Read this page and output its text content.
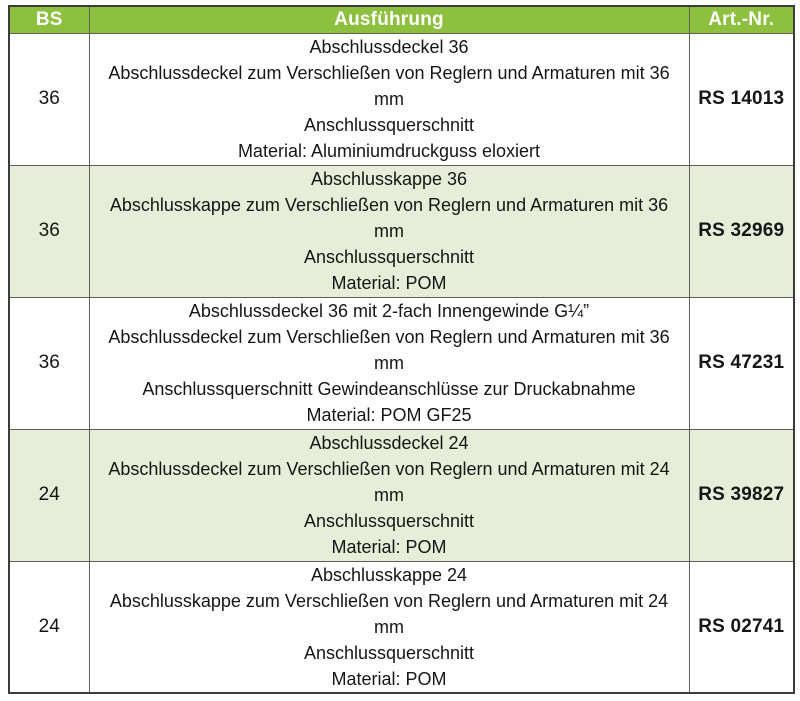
BS	Ausführung	Art.-Nr.
36	Abschlussdeckel 36
Abschlussdeckel zum Verschließen von Reglern und Armaturen mit 36
mm
Anschlussquerschnitt
Material: Aluminiumdruckguss eloxiert	RS 14013
36	Abschlusskappe 36
Abschlusskappe zum Verschließen von Reglern und Armaturen mit 36
mm
Anschlussquerschnitt
Material: POM	RS 32969
36	Abschlussdeckel 36 mit 2-fach Innengewinde G¼”
Abschlussdeckel zum Verschließen von Reglern und Armaturen mit 36
mm
Anschlussquerschnitt Gewindeanschlüsse zur Druckabnahme
Material: POM GF25	RS 47231
24	Abschlussdeckel 24
Abschlussdeckel zum Verschließen von Reglern und Armaturen mit 24
mm
Anschlussquerschnitt
Material: POM	RS 39827
24	Abschlusskappe 24
Abschlusskappe zum Verschließen von Reglern und Armaturen mit 24
mm
Anschlussquerschnitt
Material: POM	RS 02741
